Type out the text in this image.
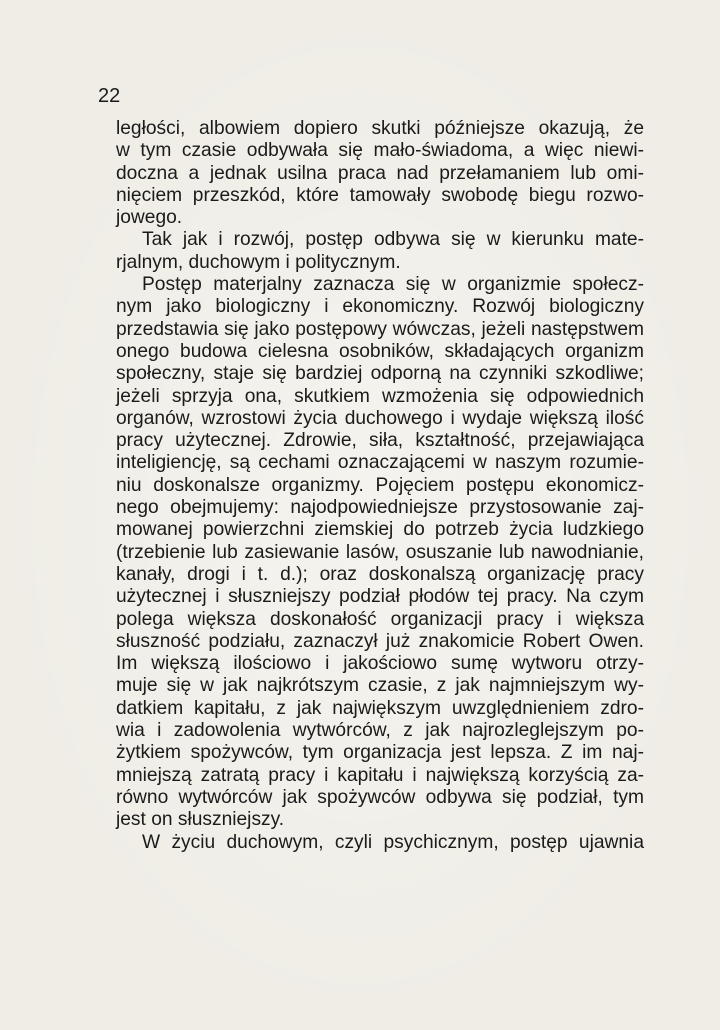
22
ległości, albowiem dopiero skutki późniejsze okazują, że
w tym czasie odbywała się mało-świadoma, a więc niewi-
doczna a jednak usilna praca nad przełamaniem lub omi-
nięciem przeszkód, które tamowały swobodę biegu rozwo-
jowego.
Tak jak i rozwój, postęp odbywa się w kierunku mate-
rjalnym, duchowym i politycznym.
Postęp materjalny zaznacza się w organizmie społecz-
nym jako biologiczny i ekonomiczny. Rozwój biologiczny
przedstawia się jako postępowy wówczas, jeżeli następstwem
onego budowa cielesna osobników, składających organizm
społeczny, staje się bardziej odporną na czynniki szkodliwe;
jeżeli sprzyja ona, skutkiem wzmożenia się odpowiednich
organów, wzrostowi życia duchowego i wydaje większą ilość
pracy użytecznej. Zdrowie, siła, kształtność, przejawiająca
inteligiencję, są cechami oznaczającemi w naszym rozumie-
niu doskonalsze organizmy. Pojęciem postępu ekonomicz-
nego obejmujemy: najodpowiedniejsze przystosowanie zaj-
mowanej powierzchni ziemskiej do potrzeb życia ludzkiego
(trzebienie lub zasiewanie lasów, osuszanie lub nawodnianie,
kanały, drogi i t. d.); oraz doskonalszą organizację pracy
użytecznej i słuszniejszy podział płodów tej pracy. Na czym
polega większa doskonałość organizacji pracy i większa
słuszność podziału, zaznaczył już znakomicie Robert Owen.
Im większą ilościowo i jakościowo sumę wytworu otrzy-
muje się w jak najkrótszym czasie, z jak najmniejszym wy-
datkiem kapitału, z jak największym uwzględnieniem zdro-
wia i zadowolenia wytwórców, z jak najrozleglejszym po-
żytkiem spożywców, tym organizacja jest lepsza. Z im naj-
mniejszą zatratą pracy i kapitału i największą korzyścią za-
równo wytwórców jak spożywców odbywa się podział, tym
jest on słuszniejszy.
W życiu duchowym, czyli psychicznym, postęp ujawnia
